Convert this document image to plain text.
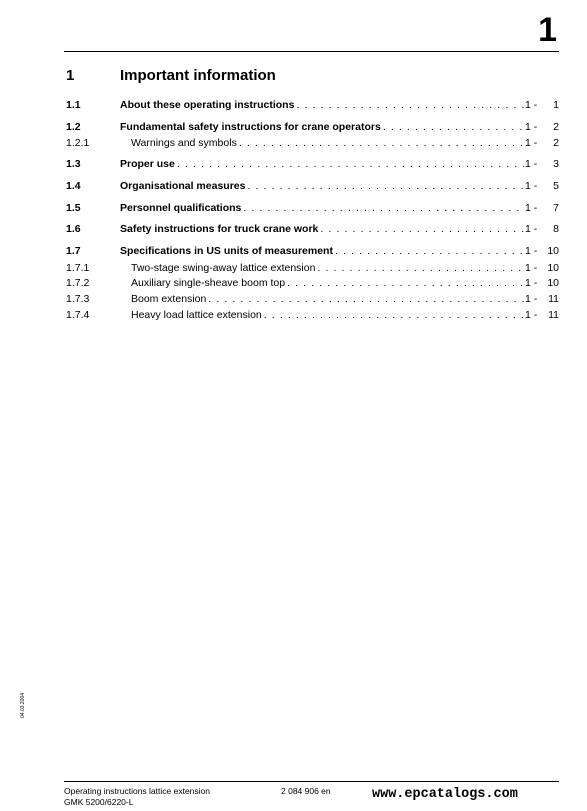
1
1	Important information
1.1	About these operating instructions . . .	1 -	1
1.2	Fundamental safety instructions for crane operators . . .	1 -	2
1.2.1	Warnings and symbols . . .	1 -	2
1.3	Proper use . . .	1 -	3
1.4	Organisational measures . . .	1 -	5
1.5	Personnel qualifications . . .	1 -	7
1.6	Safety instructions for truck crane work . . .	1 -	8
1.7	Specifications in US units of measurement . . .	1 - 10
1.7.1	Two-stage swing-away lattice extension . . .	1 - 10
1.7.2	Auxiliary single-sheave boom top . . .	1 - 10
1.7.3	Boom extension . . .	1 -	11
1.7.4	Heavy load lattice extension . . .	1 -	11
04.03.2004
Operating instructions lattice extension
GMK 5200/6220-L
2 084 906 en	www.epcatalogs.com
